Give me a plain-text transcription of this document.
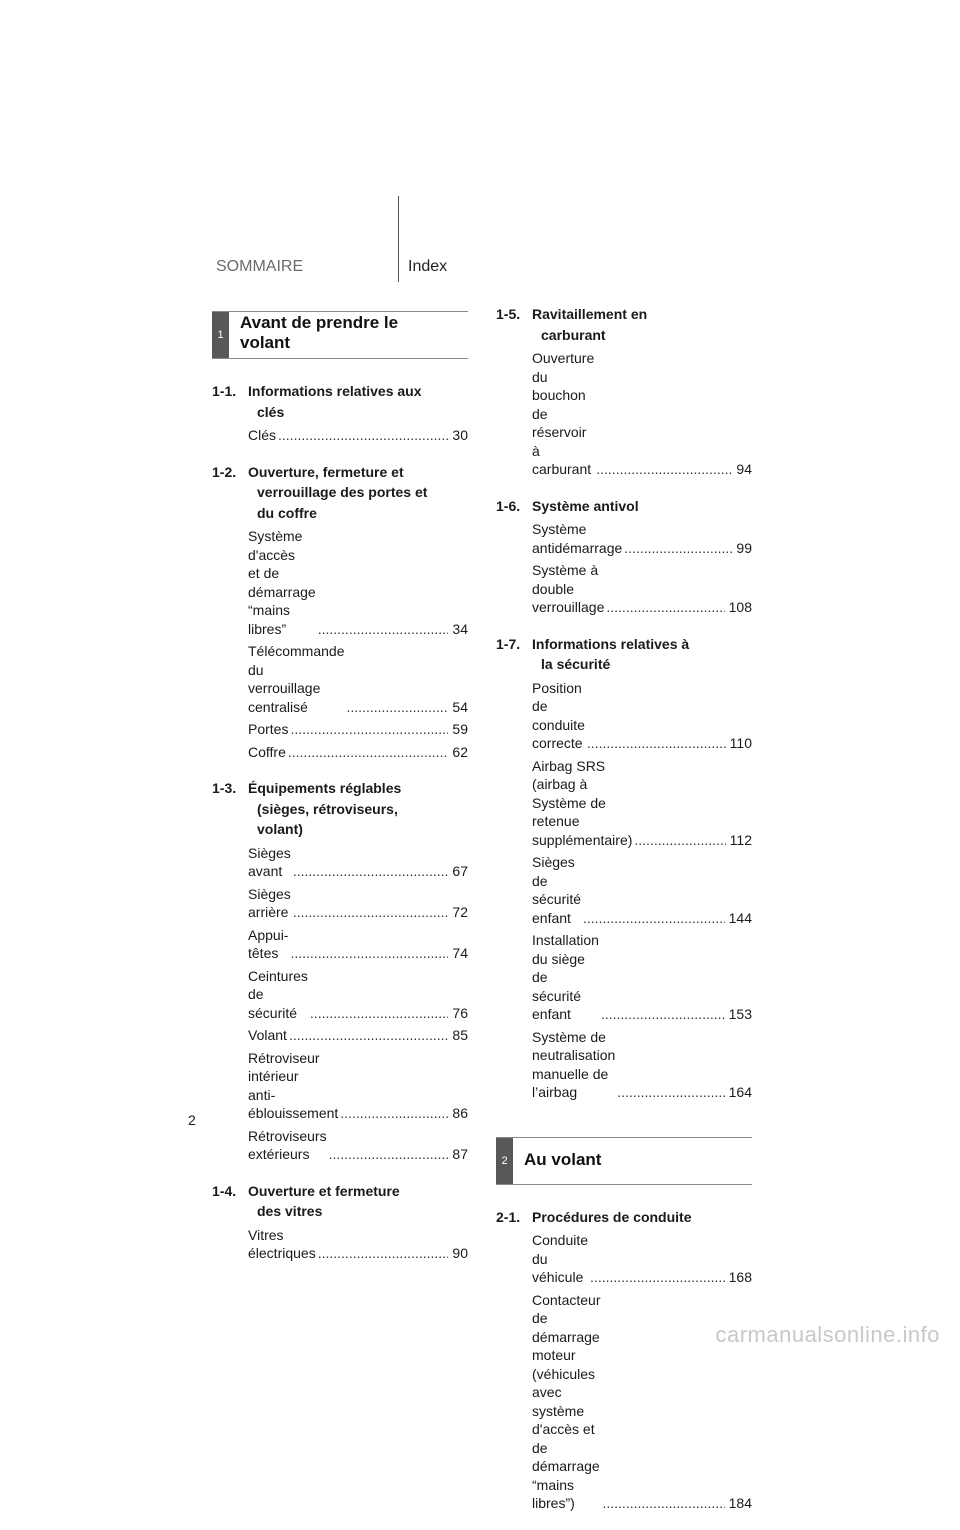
SOMMAIRE	Index
1
Avant de prendre le
volant
1-1. Informations relatives aux
clés
Clés .....	30
1-2. Ouverture, fermeture et
verrouillage des portes et
du coffre
Système d'accès
et de démarrage
“mains libres” .....	34
Télécommande du
verrouillage centralisé .....	54
Portes .....	59
Coffre .....	62
1-3. Équipements réglables
(sièges, rétroviseurs,
volant)
Sièges avant .....	67
Sièges arrière .....	72
Appui-têtes .....	74
Ceintures de sécurité .....	76
Volant .....	85
Rétroviseur intérieur
anti-éblouissement .....	86
Rétroviseurs extérieurs .....	87
1-4. Ouverture et fermeture
des vitres
Vitres électriques .....	90
1-5. Ravitaillement en
carburant
Ouverture du bouchon de
réservoir à carburant .....	94
1-6. Système antivol
Système antidémarrage .....	99
Système à double
verrouillage .....	108
1-7. Informations relatives à
la sécurité
Position de conduite
correcte .....	110
Airbag SRS (airbag à
Système de retenue
supplémentaire) .....	112
Sièges de sécurité
enfant .....	144
Installation du siège de
sécurité enfant .....	153
Système de neutralisation
manuelle de l’airbag .....	164
2 Au volant
2-1. Procédures de conduite
Conduite du véhicule .....	168
Contacteur de démarrage
moteur (véhicules avec
système d'accès et
de démarrage
“mains libres”) .....	184
2
carmanualsonline.info
